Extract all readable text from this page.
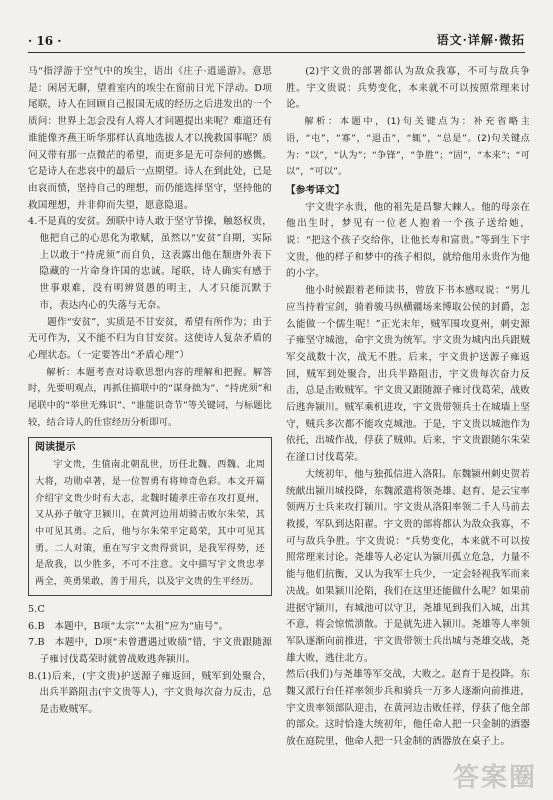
· 16 ·	语文·详解·微拓

马“指浮游于空气中的埃尘，语出《庄子·逍遥游》。意思是：闲居无聊，望着室内的埃尘在窗前日光下浮动。D项尾联，诗人在回顾自己报国无成的经历之后进发出的一个质问：世界上怎会没有人将人才问题提出来呢？难道还有谁能像齐燕王昕华那样认真地选拔人才以挽救国事呢？质问又带有那一点微茫的希望，而更多是无可奈何的感慨。它是诗人在悲哀中的最后一点期望。诗人在到此处，已是由哀而愤，坚持自己的理想，而仍能选择坚守，坚持他的救国理想，并非仰而失望，愿意隐退。

4.不是真的安贫。颈联中诗人敢于坚守节操，触怒权贵，他把自己的心思化为歌赋，虽然以“安贫”自期，实际上以敢于“持虎须”而自负，这表露出他在颓唐外表下隐藏的一片命身许国的忠诚。尾联，诗人确实有感于世事艰难，没有明辨贤愚的明主，人才只能沉默于市，表达内心的失落与无奈。

题作“安贫”，实质是不甘安贫，希望有所作为；由于无可作为，又不能不归为自甘安贫。这使诗人复杂矛盾的心理状态。（一定要答出“矛盾心理”）

解析：本题考查对诗歌思想内容的理解和把握。解答时，先要明观点，再抓住描联中的“谋身拙为”、“持虎须”和尾联中的“举世无殊识”、“谁能识奇节”等关键词，与标题比较，结合诗人的仕宦经历分析即可。

阅读提示

宇文贵，生值南北朝乱世，历任北魏、西魏、北周大将，功勋卓著，是一位智勇有将帅奇色彩。本文开篇介绍宇文贵少时有大志，北魏时随孝庄帝在攻打夏州，又从孙子敏守卫颍川，在黄河边用胡骑击败尔朱荣，其中可见其勇。之后，他与尔朱荣平定葛荣，其中可见其勇。二人对策，重在写宇文贵得赏识，是我军得势，还是敌我，以少胜多，不可不注意。文中描写宇文贵忠孝两全，英勇果敢，善于用兵，以及宇文贵的生平经历。

5.C

6.B　本题中，B项“太宗”“太祖”应为“庙号”。

7.B　本题中，D项“未曾遭遇过败绩”错，宇文贵跟随源子雍讨伐葛荣时就曾战败逃奔颍川。

8.(1)后来，(宇文贵)护送源子雍返回，贼军到处聚合，出兵半路阻击(宇文贵等人)，宇文贵每次奋力反击，总是击败贼军。

(2)宇文贵的部署都认为敌众我寡，不可与敌兵争胜。宇文贵说：兵势变化，本来就不可以按照常理来讨论。

解析：本题中，(1)句关键点为：补充省略主语，“屯”，“寡”，“退击”，“辄”，“总是”。(2)句关键点为：“以”，“认为”；“争锋”，“争胜”；“固”，“本来”；“可以”，“可以”。

【参考译文】

宇文贵字永贵，他的祖先是昌黎大棘人。他的母亲在他出生时，梦见有一位老人抱着一个孩子送给她，说：“把这个孩子交给你，让他长寿和富贵。”等到生下宇文贵，他的样子和梦中的孩子相似，就给他用永贵作为他的小字。

他小时候跟着老师读书，曾放下书本感叹说：“男儿应当持着宝剑，骑着骏马纵横疆场来博取公侯的封爵，怎么能做一个儒生呢！”正光末年，贼军围攻夏州，刺史源子雍坚守城池，命宇文贵为统军。宇文贵为城内出兵跟贼军交战数十次，战无不胜。后来，宇文贵护送源子雍返回，贼军到处聚合，出兵半路阻击，宇文贵每次奋力反击，总是击败贼军。宇文贵又跟随源子雍讨伐葛荣，战败后逃奔颍川。贼军乘机进攻，宇文贵带领兵士在城墙上坚守，贼兵多次都不能攻克城池。于是，宇文贵以城池作为依托，出城作战，俘获了贼帅。后来，宇文贵跟随尔朱荣在滏口讨伐葛荣。

大统初年，他与独孤信进入洛阳。东魏颍州刺史贺若统献出颍川城投降，东魏派遣将领尧雄、赵育、是云宝率领两万士兵来攻打颍川。宇文贵从洛阳率领二千人马前去救援，军队到达阳翟。宇文贵的部将都认为敌众我寡，不可与敌兵争胜。宇文贵说：“兵势变化，本来就不可以按照常理来讨论。尧雄等人必定认为颍川孤立危急，力量不能与他们抗衡，又认为我军士兵少，一定会轻视我军而来决战。如果颍川沦陷，我们在这里还能做什么呢？如果前进据守颍川，有城池可以守卫，尧雄见到我们入城，出其不意，将会惊慌溃散。于是就先进入颍川。尧雄等人率领军队逐渐向前推进，宇文贵带领士兵出城与尧雄交战，尧雄大败，逃往北方。

然后(我们)与尧雄等军交战，大败之。赵育于是投降。东魏又派行台任祥率领步兵和骑兵一万多人逐渐向前推进，宇文贵率领部队迎击，在黄河边击败任祥，俘获了他全部的部众。这时恰逢大统初年，他任命人把一只金制的酒器放在庭院里，他命人把一只金制的酒器放在桌子上。

答案圈
